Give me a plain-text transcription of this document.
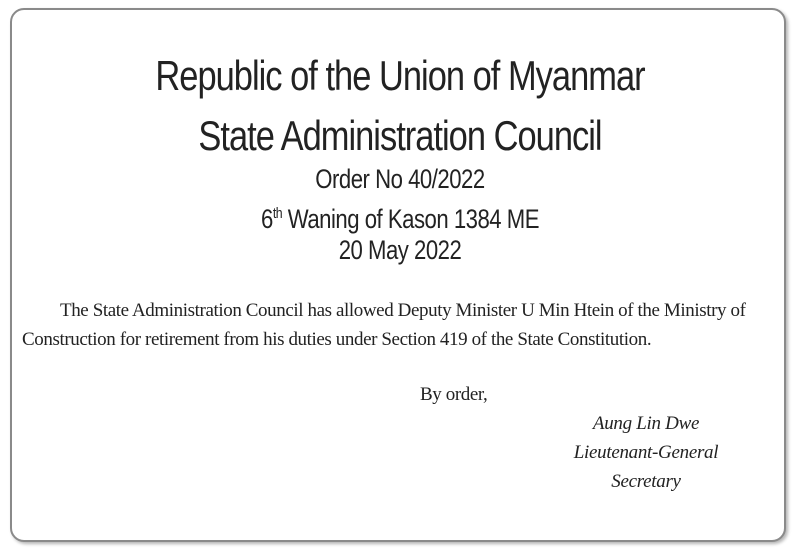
Republic of the Union of Myanmar
State Administration Council
Order No 40/2022
6th Waning of Kason 1384 ME
20 May 2022
The State Administration Council has allowed Deputy Minister U Min Htein of the Ministry of Construction for retirement from his duties under Section 419 of the State Constitution.
By order,
Aung Lin Dwe
Lieutenant-General
Secretary
